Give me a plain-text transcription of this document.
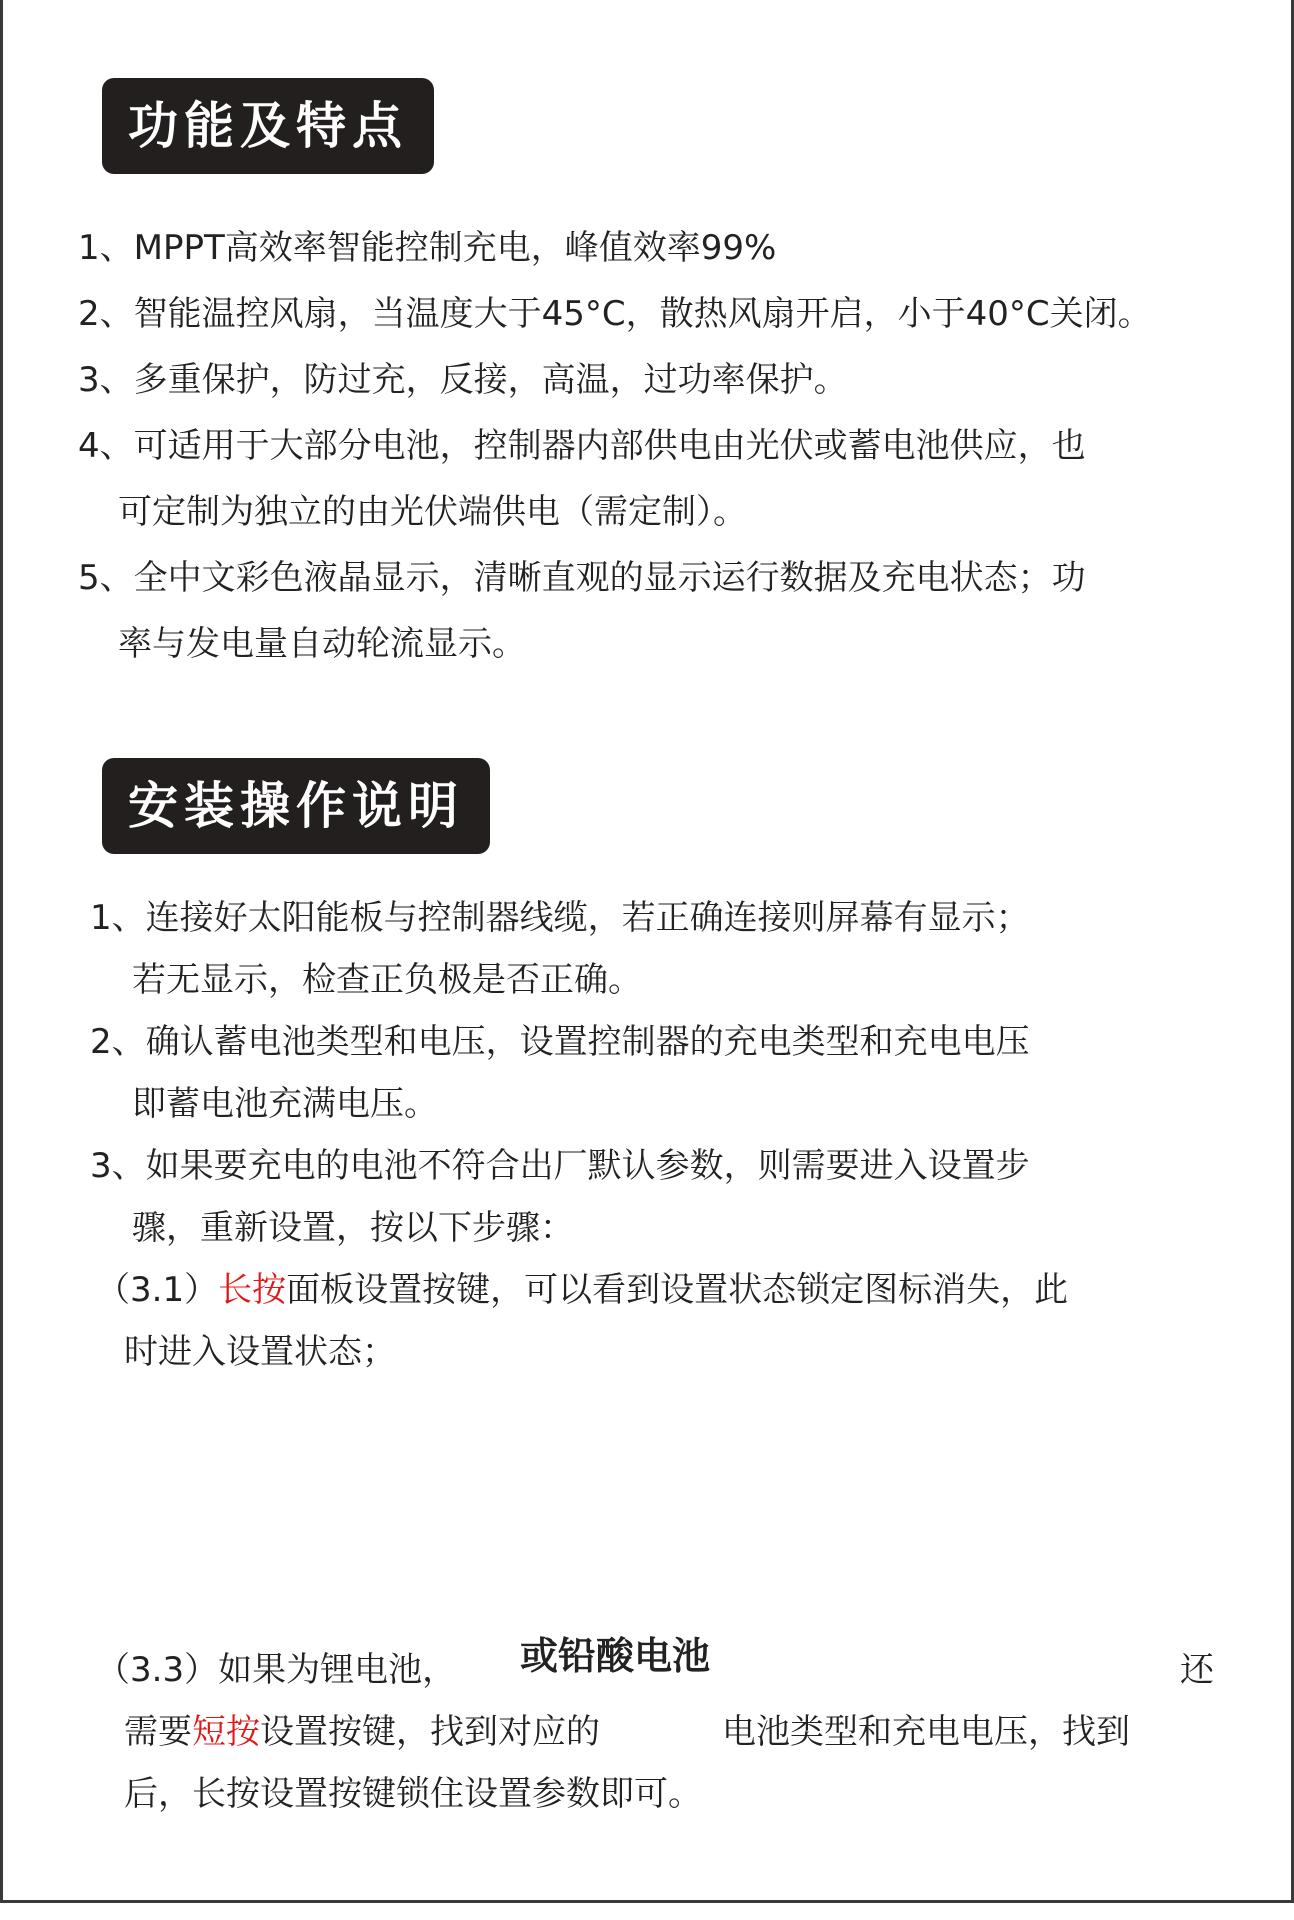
功能及特点
1、MPPT高效率智能控制充电，峰值效率99%
2、智能温控风扇，当温度大于45°C，散热风扇开启，小于40°C关闭。
3、多重保护，防过充，反接，高温，过功率保护。
4、可适用于大部分电池，控制器内部供电由光伏或蓄电池供应，也
可定制为独立的由光伏端供电（需定制）。
5、全中文彩色液晶显示，清晰直观的显示运行数据及充电状态；功
率与发电量自动轮流显示。
安装操作说明
1、连接好太阳能板与控制器线缆，若正确连接则屏幕有显示；
若无显示，检查正负极是否正确。
2、确认蓄电池类型和电压，设置控制器的充电类型和充电电压
即蓄电池充满电压。
3、如果要充电的电池不符合出厂默认参数，则需要进入设置步
骤，重新设置，按以下步骤：
（3.1）长按面板设置按键，可以看到设置状态锁定图标消失，此
时进入设置状态；
（3.3）如果为锂电池， 或铅酸电池	还
需要短按设置按键，找到对应的	电池类型和充电电压，找到
后，长按设置按键锁住设置参数即可。
